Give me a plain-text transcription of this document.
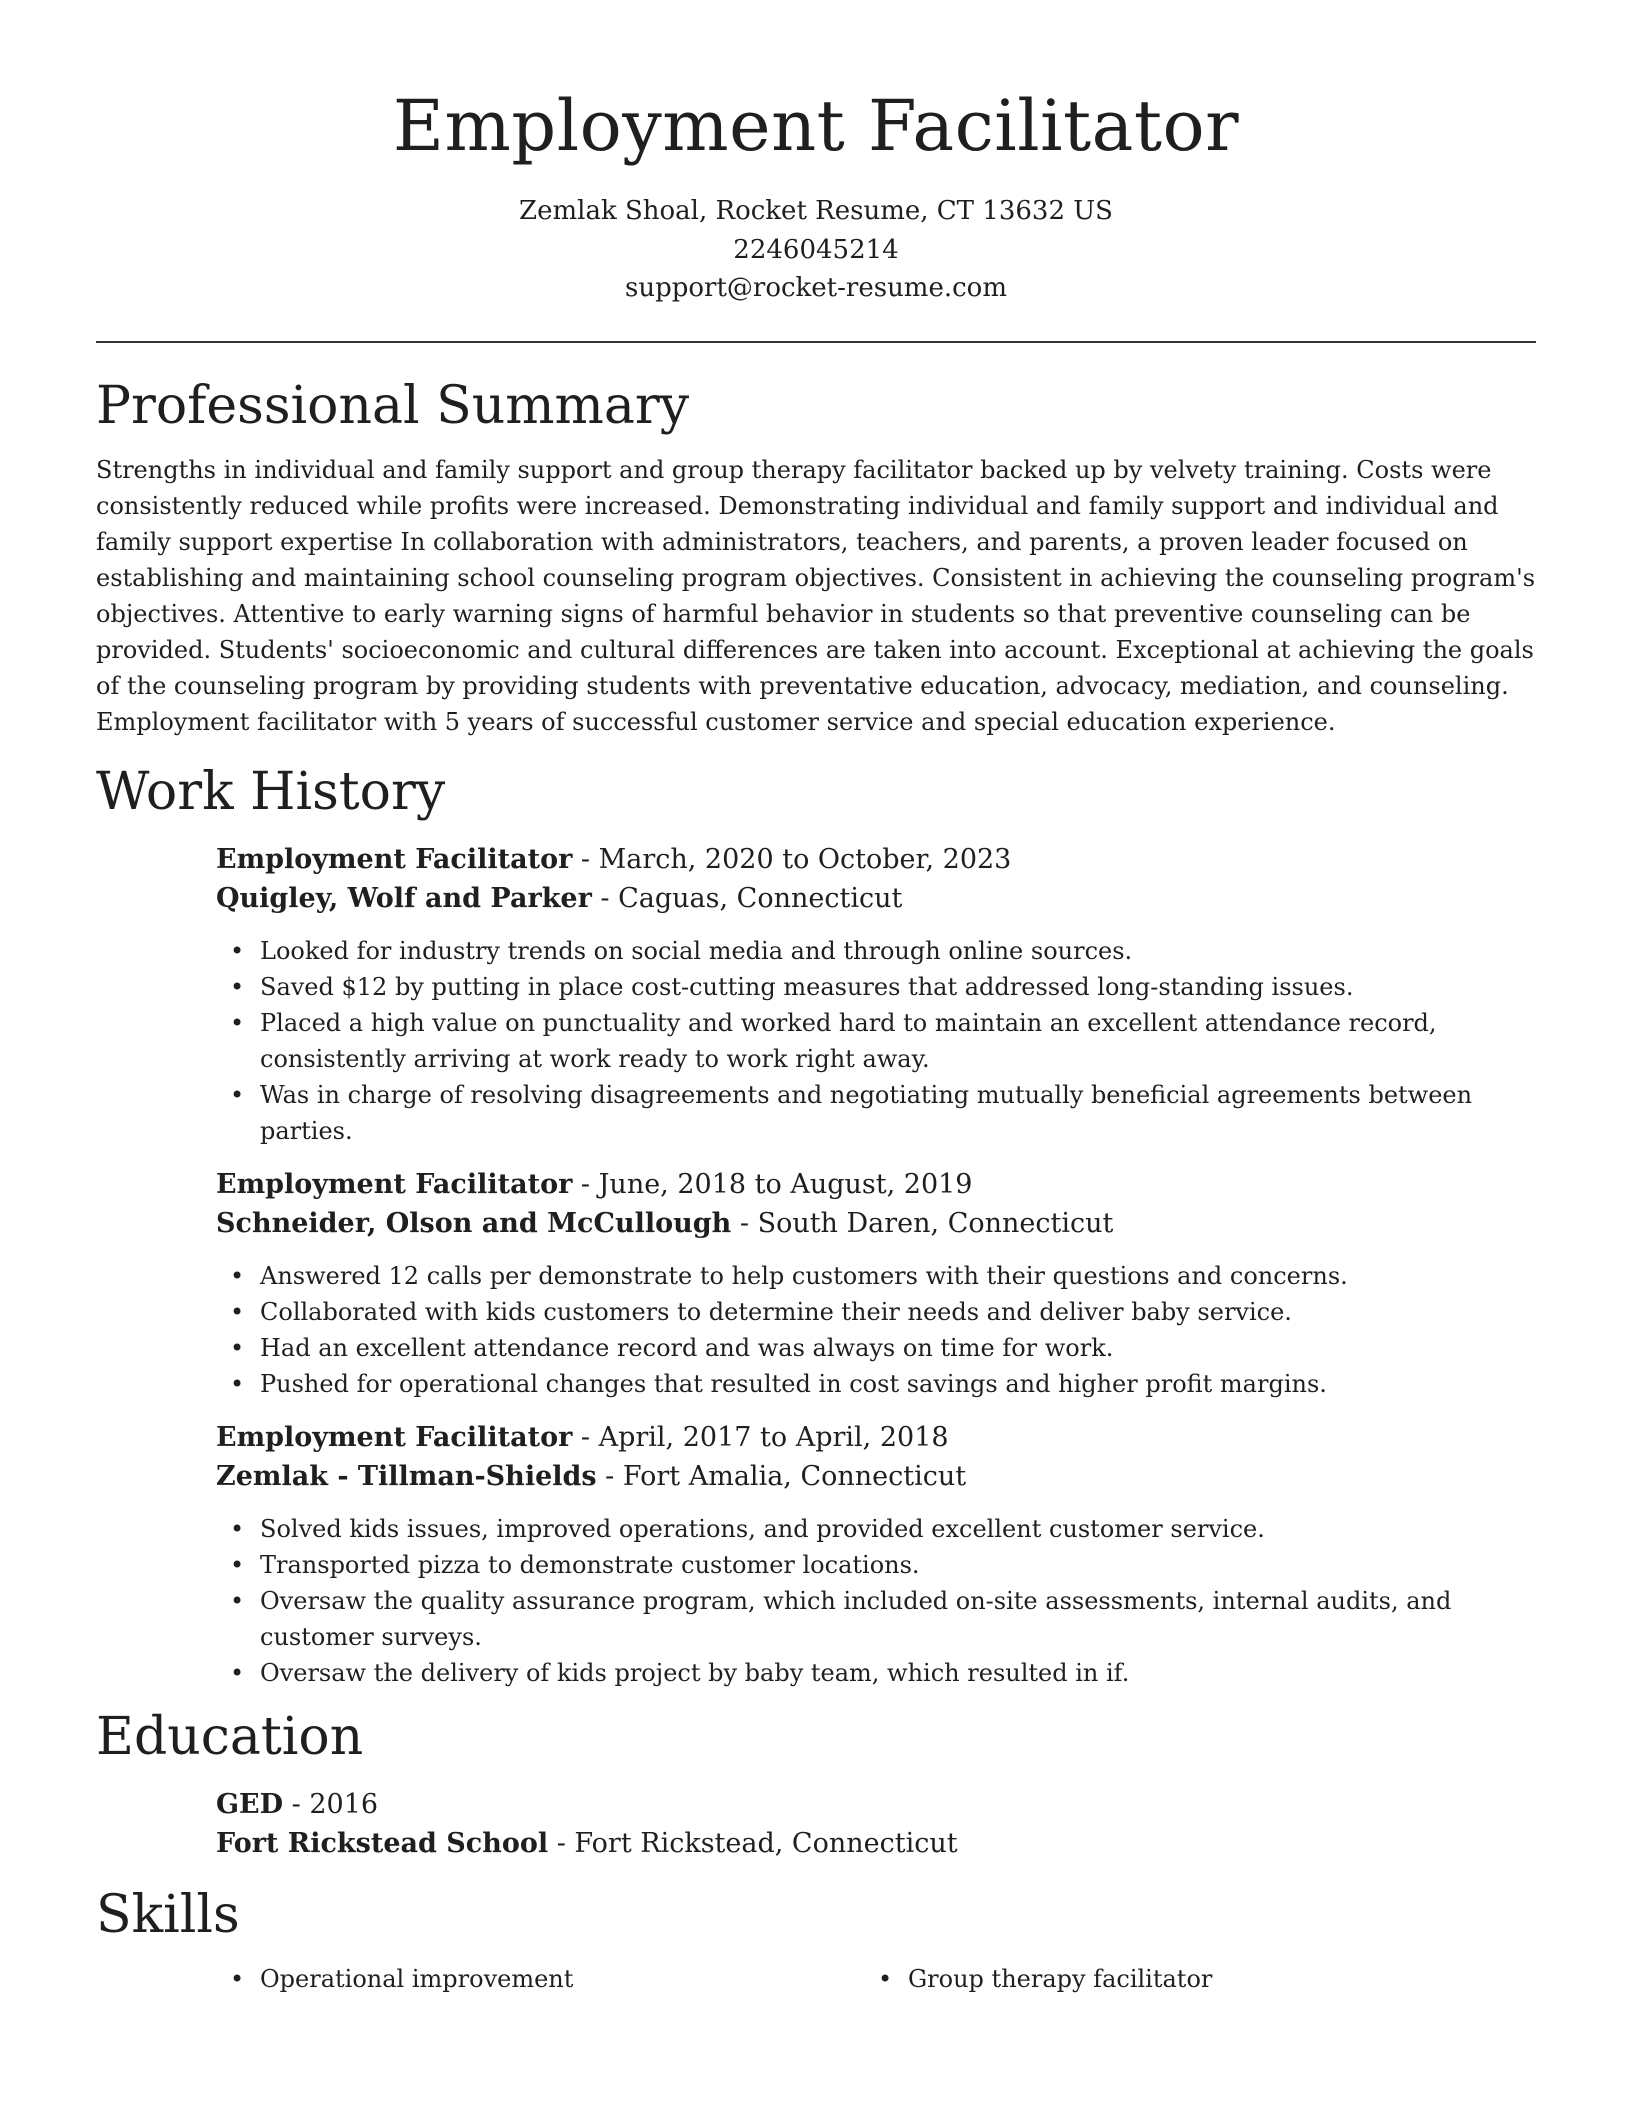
Employment Facilitator
Zemlak Shoal, Rocket Resume, CT 13632 US
2246045214
support@rocket-resume.com
Professional Summary

Strengths in individual and family support and group therapy facilitator backed up by velvety training. Costs were consistently reduced while profits were increased. Demonstrating individual and family support and individual and family support expertise In collaboration with administrators, teachers, and parents, a proven leader focused on establishing and maintaining school counseling program objectives. Consistent in achieving the counseling program's objectives. Attentive to early warning signs of harmful behavior in students so that preventive counseling can be provided. Students' socioeconomic and cultural differences are taken into account. Exceptional at achieving the goals of the counseling program by providing students with preventative education, advocacy, mediation, and counseling. Employment facilitator with 5 years of successful customer service and special education experience.

Work History
Employment Facilitator - March, 2020 to October, 2023
Quigley, Wolf and Parker - Caguas, Connecticut
• Looked for industry trends on social media and through online sources.
• Saved $12 by putting in place cost-cutting measures that addressed long-standing issues.
• Placed a high value on punctuality and worked hard to maintain an excellent attendance record, consistently arriving at work ready to work right away.
• Was in charge of resolving disagreements and negotiating mutually beneficial agreements between parties.
Employment Facilitator - June, 2018 to August, 2019
Schneider, Olson and McCullough - South Daren, Connecticut
• Answered 12 calls per demonstrate to help customers with their questions and concerns.
• Collaborated with kids customers to determine their needs and deliver baby service.
• Had an excellent attendance record and was always on time for work.
• Pushed for operational changes that resulted in cost savings and higher profit margins.
Employment Facilitator - April, 2017 to April, 2018
Zemlak - Tillman-Shields - Fort Amalia, Connecticut
• Solved kids issues, improved operations, and provided excellent customer service.
• Transported pizza to demonstrate customer locations.
• Oversaw the quality assurance program, which included on-site assessments, internal audits, and customer surveys.
• Oversaw the delivery of kids project by baby team, which resulted in if.
Education
GED - 2016
Fort Rickstead School - Fort Rickstead, Connecticut
Skills
• Operational improvement
•	Group therapy facilitator
